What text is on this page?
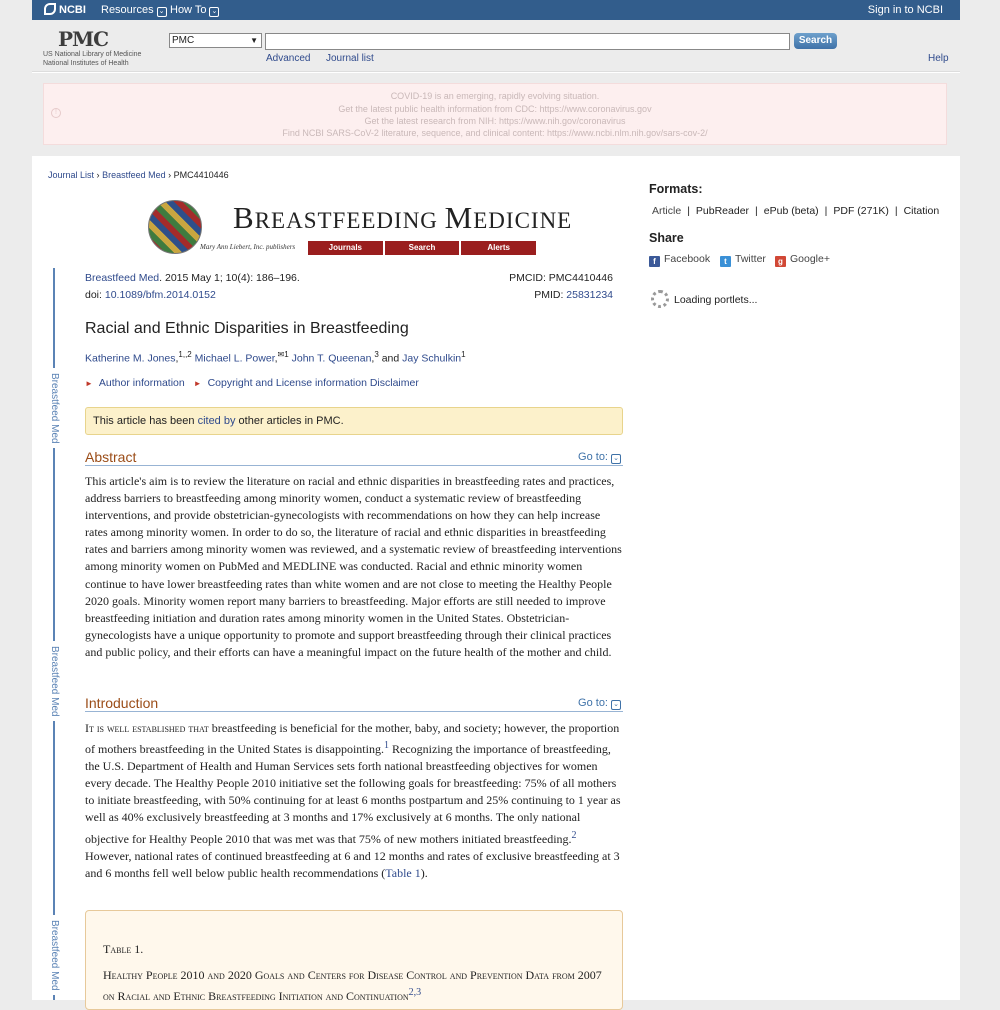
NCBI Resources ⌄ How To ⌄	Sign in to NCBI
PMC
US National Library of Medicine
National Institutes of Health
PMC	▼	Search
Advanced Journal list	Help
!
COVID-19 is an emerging, rapidly evolving situation.
Get the latest public health information from CDC: https://www.coronavirus.gov
Get the latest research from NIH: https://www.nih.gov/coronavirus
Find NCBI SARS-CoV-2 literature, sequence, and clinical content: https://www.ncbi.nlm.nih.gov/sars-cov-2/
Journal List › Breastfeed Med › PMC4410446
BREASTFEEDING MEDICINE
Mary Ann Liebert, Inc. publishers	Journals	Search	Alerts
Breastfeed Med
Breastfeed Med
Breastfeed Med
Breastfeed Med. 2015 May 1; 10(4): 186–196.	PMCID: PMC4410446
doi: 10.1089/bfm.2014.0152	PMID: 25831234
Racial and Ethnic Disparities in Breastfeeding
Katherine M. Jones,$^{1,,2}$ Michael L. Power,$^{✉1}$ John T. Queenan,$^3$ and Jay Schulkin$^1$
► Author information ► Copyright and License information Disclaimer
This article has been cited by other articles in PMC.
Abstract	Go to: ⌄
This article's aim is to review the literature on racial and ethnic disparities in breastfeeding rates and practices, address barriers to breastfeeding among minority women, conduct a systematic review of breastfeeding interventions, and provide obstetrician-gynecologists with recommendations on how they can help increase rates among minority women. In order to do so, the literature of racial and ethnic disparities in breastfeeding rates and barriers among minority women was reviewed, and a systematic review of breastfeeding interventions among minority women on PubMed and MEDLINE was conducted. Racial and ethnic minority women continue to have lower breastfeeding rates than white women and are not close to meeting the Healthy People 2020 goals. Minority women report many barriers to breastfeeding. Major efforts are still needed to improve breastfeeding initiation and duration rates among minority women in the United States. Obstetrician-gynecologists have a unique opportunity to promote and support breastfeeding through their clinical practices and public policy, and their efforts can have a meaningful impact on the future health of the mother and child.
Introduction	Go to: ⌄
It is well established that breastfeeding is beneficial for the mother, baby, and society; however, the proportion of mothers breastfeeding in the United States is disappointing.$^1$ Recognizing the importance of breastfeeding, the U.S. Department of Health and Human Services sets forth national breastfeeding objectives for women every decade. The Healthy People 2010 initiative set the following goals for breastfeeding: 75% of all mothers to initiate breastfeeding, with 50% continuing for at least 6 months postpartum and 25% continuing to 1 year as well as 40% exclusively breastfeeding at 3 months and 17% exclusively at 6 months. The only national objective for Healthy People 2010 that was met was that 75% of new mothers initiated breastfeeding.$^2$ However, national rates of continued breastfeeding at 6 and 12 months and rates of exclusive breastfeeding at 3 and 6 months fell well below public health recommendations (Table 1).
Table 1.
Healthy People 2010 and 2020 Goals and Centers for Disease Control and Prevention Data from 2007 on Racial and Ethnic Breastfeeding Initiation and Continuation$^{2,3}$
Formats:
Article | PubReader | ePub (beta) | PDF (271K) | Citation
Share
f Facebook	t Twitter	g Google+
Loading portlets...
